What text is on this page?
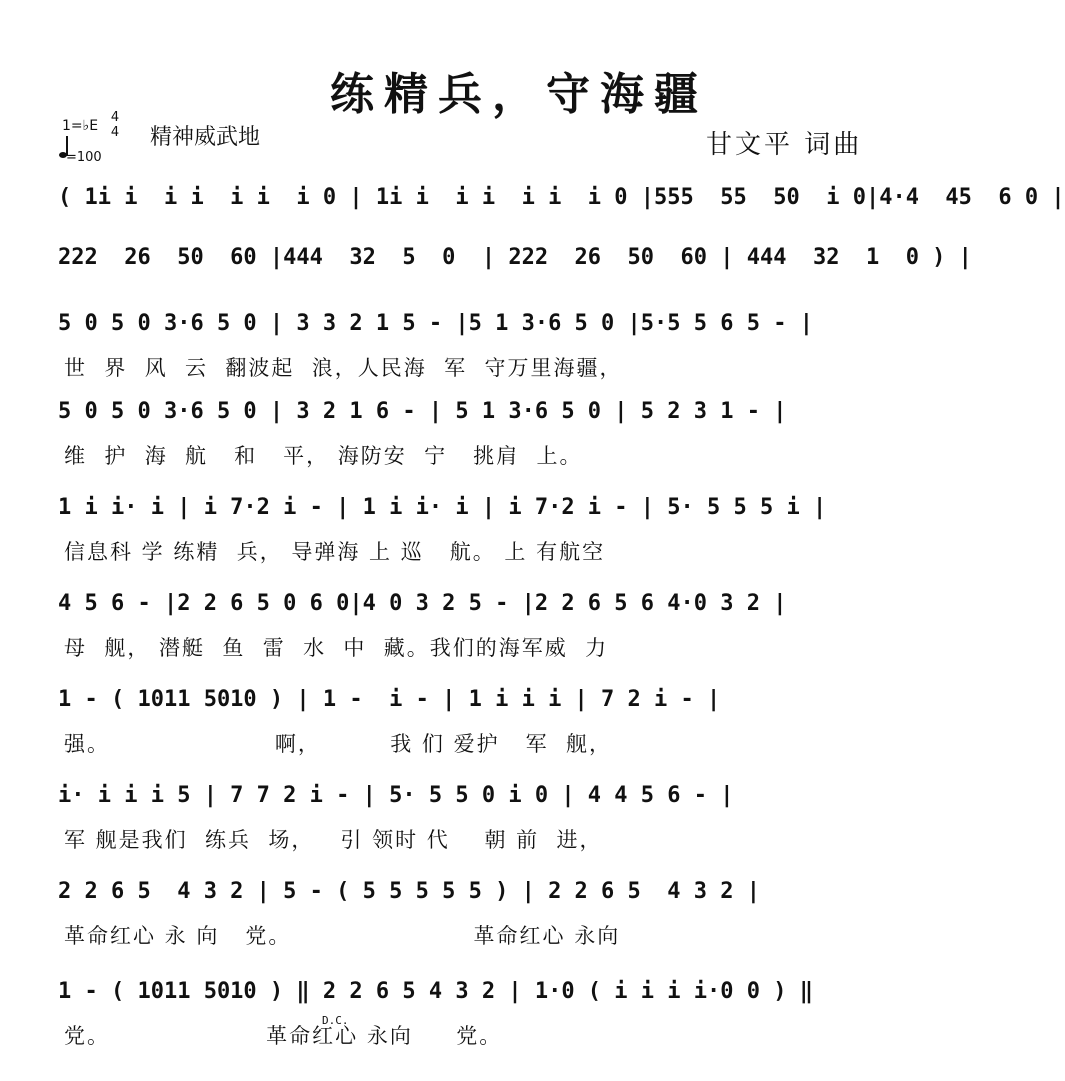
练精兵，守海疆
1=♭E
4
4
=100
精神威武地	甘文平 词曲
( 1i i  i i  i i  i 0 | 1i i  i i  i i  i 0 |555  55  50  i 0|4·4  45  6 0 |
222  26  50  60 |444  32  5  0  | 222  26  50  60 | 444  32  1  0 ) |
5 0 5 0 3·6 5 0 | 3 3 2 1 5 - |5 1 3·6 5 0 |5·5 5 6 5 - |
世  界  风  云  翻波起  浪，人民海  军  守万里海疆，
5 0 5 0 3·6 5 0 | 3 2 1 6 - | 5 1 3·6 5 0 | 5 2 3 1 - |
维  护  海  航   和   平， 海防安  宁   挑肩  上。
1 i i· i | i 7·2 i - | 1 i i· i | i 7·2 i - | 5· 5 5 5 i |
信息科 学 练精  兵， 导弹海 上 巡   航。 上 有航空
4 5 6 - |2 2 6 5 0 6 0|4 0 3 2 5 - |2 2 6 5 6 4·0 3 2 |
母  舰， 潜艇  鱼  雷  水  中  藏。我们的海军威  力
1 - ( 1011 5010 ) | 1 -  i - | 1 i i i | 7 2 i - |
强。                   啊，        我 们 爱护   军  舰，
i· i i i 5 | 7 7 2 i - | 5· 5 5 0 i 0 | 4 4 5 6 - |
军 舰是我们  练兵  场，   引 领时 代    朝 前  进，
2 2 6 5  4 3 2 | 5 - ( 5 5 5 5 5 ) | 2 2 6 5  4 3 2 |
革命红心 永 向   党。                     革命红心 永向
1 - ( 1011 5010 ) ‖ 2 2 6 5 4 3 2 | 1·0 ( i i i i·0 0 ) ‖
党。                  革命红心 永向     党。
D.C.
